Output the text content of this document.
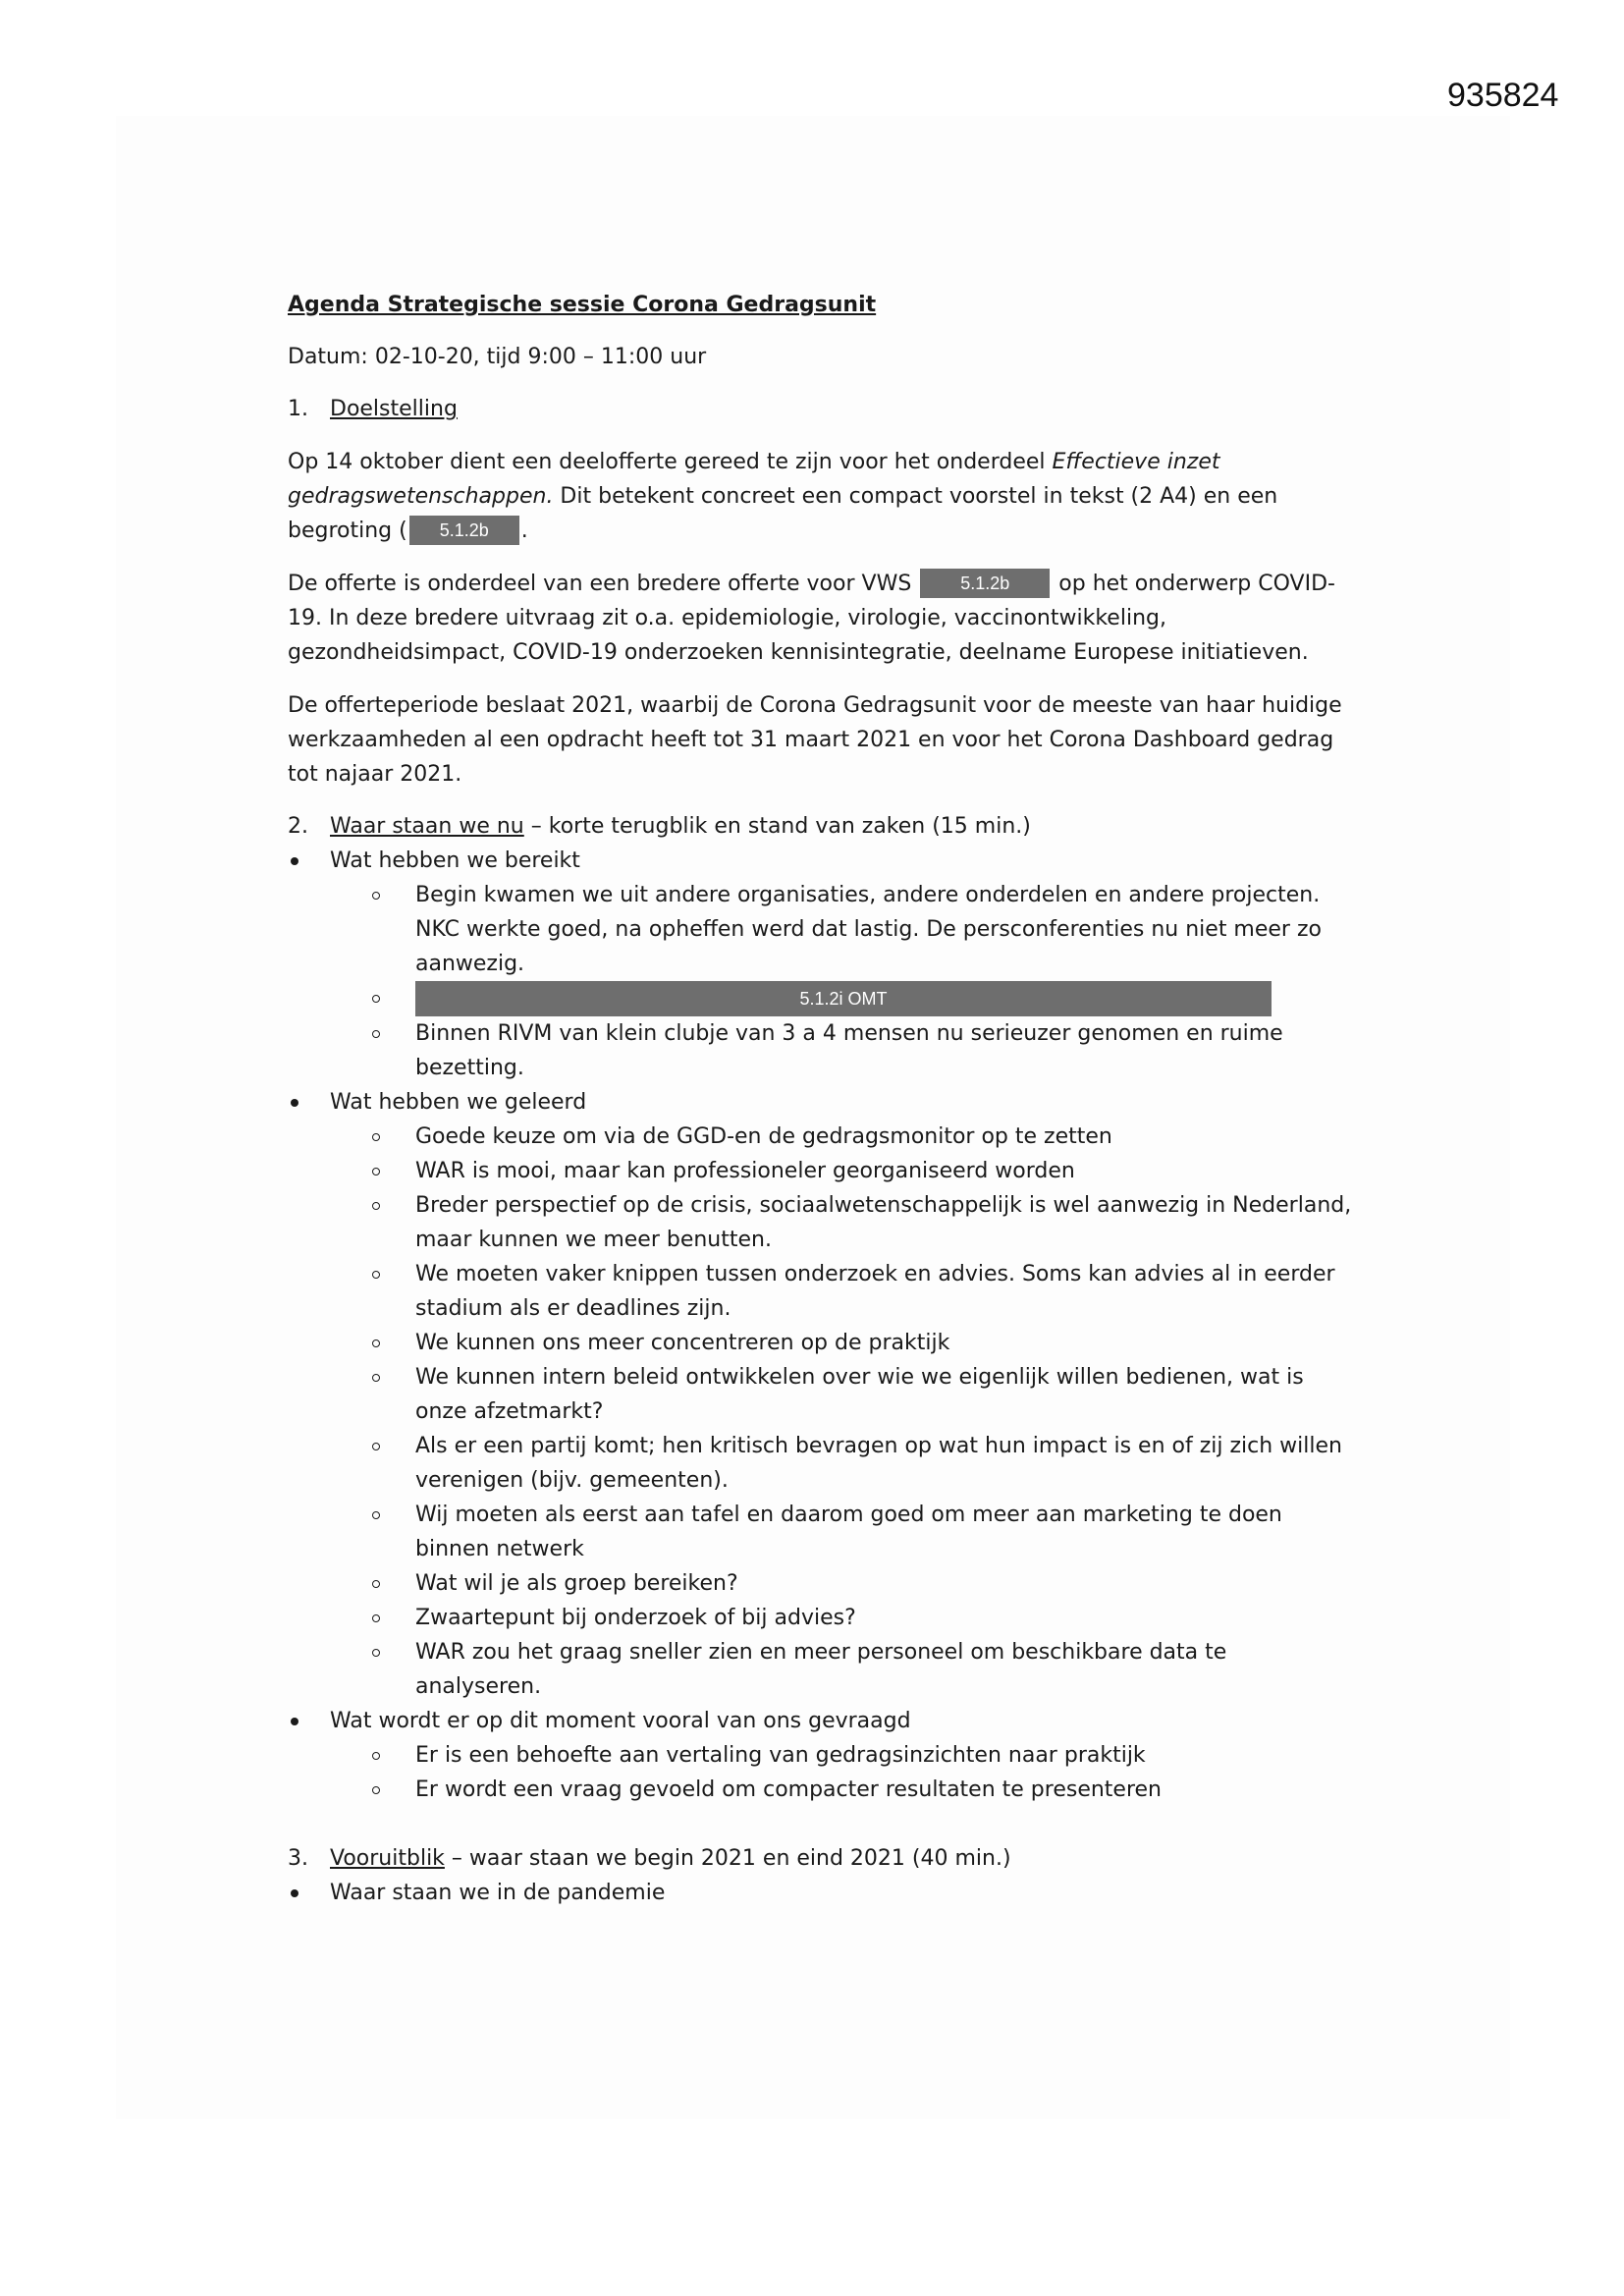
935824

Agenda Strategische sessie Corona Gedragsunit

Datum: 02-10-20, tijd 9:00 – 11:00 uur

1. Doelstelling

Op 14 oktober dient een deelofferte gereed te zijn voor het onderdeel Effectieve inzet gedragswetenschappen. Dit betekent concreet een compact voorstel in tekst (2 A4) en een begroting ( 5.1.2b .

De offerte is onderdeel van een bredere offerte voor VWS 5.1.2b op het onderwerp COVID-19. In deze bredere uitvraag zit o.a. epidemiologie, virologie, vaccinontwikkeling, gezondheidsimpact, COVID-19 onderzoeken kennisintegratie, deelname Europese initiatieven.

De offerteperiode beslaat 2021, waarbij de Corona Gedragsunit voor de meeste van haar huidige werkzaamheden al een opdracht heeft tot 31 maart 2021 en voor het Corona Dashboard gedrag tot najaar 2021.

2. Waar staan we nu – korte terugblik en stand van zaken (15 min.)
Wat hebben we bereikt
Begin kwamen we uit andere organisaties, andere onderdelen en andere projecten. NKC werkte goed, na opheffen werd dat lastig. De persconferenties nu niet meer zo aanwezig.
5.1.2i OMT
Binnen RIVM van klein clubje van 3 a 4 mensen nu serieuzer genomen en ruime bezetting.
Wat hebben we geleerd
Goede keuze om via de GGD-en de gedragsmonitor op te zetten
WAR is mooi, maar kan professioneler georganiseerd worden
Breder perspectief op de crisis, sociaalwetenschappelijk is wel aanwezig in Nederland, maar kunnen we meer benutten.
We moeten vaker knippen tussen onderzoek en advies. Soms kan advies al in eerder stadium als er deadlines zijn.
We kunnen ons meer concentreren op de praktijk
We kunnen intern beleid ontwikkelen over wie we eigenlijk willen bedienen, wat is onze afzetmarkt?
Als er een partij komt; hen kritisch bevragen op wat hun impact is en of zij zich willen verenigen (bijv. gemeenten).
Wij moeten als eerst aan tafel en daarom goed om meer aan marketing te doen binnen netwerk
Wat wil je als groep bereiken?
Zwaartepunt bij onderzoek of bij advies?
WAR zou het graag sneller zien en meer personeel om beschikbare data te analyseren.
Wat wordt er op dit moment vooral van ons gevraagd
Er is een behoefte aan vertaling van gedragsinzichten naar praktijk
Er wordt een vraag gevoeld om compacter resultaten te presenteren
3. Vooruitblik – waar staan we begin 2021 en eind 2021 (40 min.)
Waar staan we in de pandemie
